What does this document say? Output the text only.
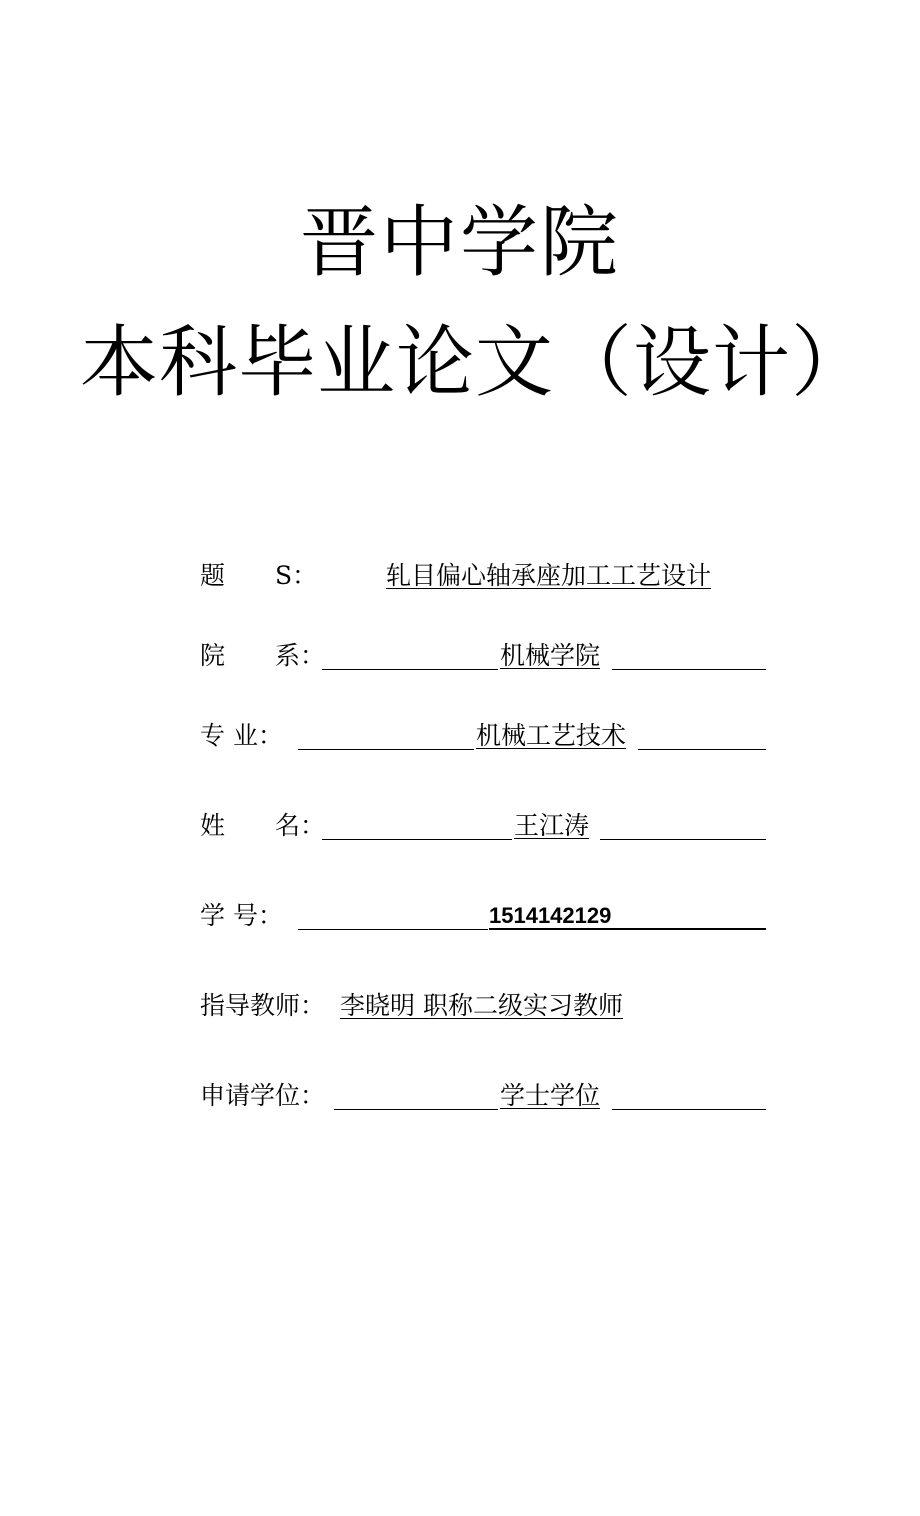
晋中学院
本科毕业论文（设计）
题　　S：	轧目偏心轴承座加工工艺设计
院　　系：	机械学院
专 业：	机械工艺技术
姓　　名：	王江涛
学 号：	1514142129
指导教师： 李晓明 职称二级实习教师
申请学位：	学士学位
